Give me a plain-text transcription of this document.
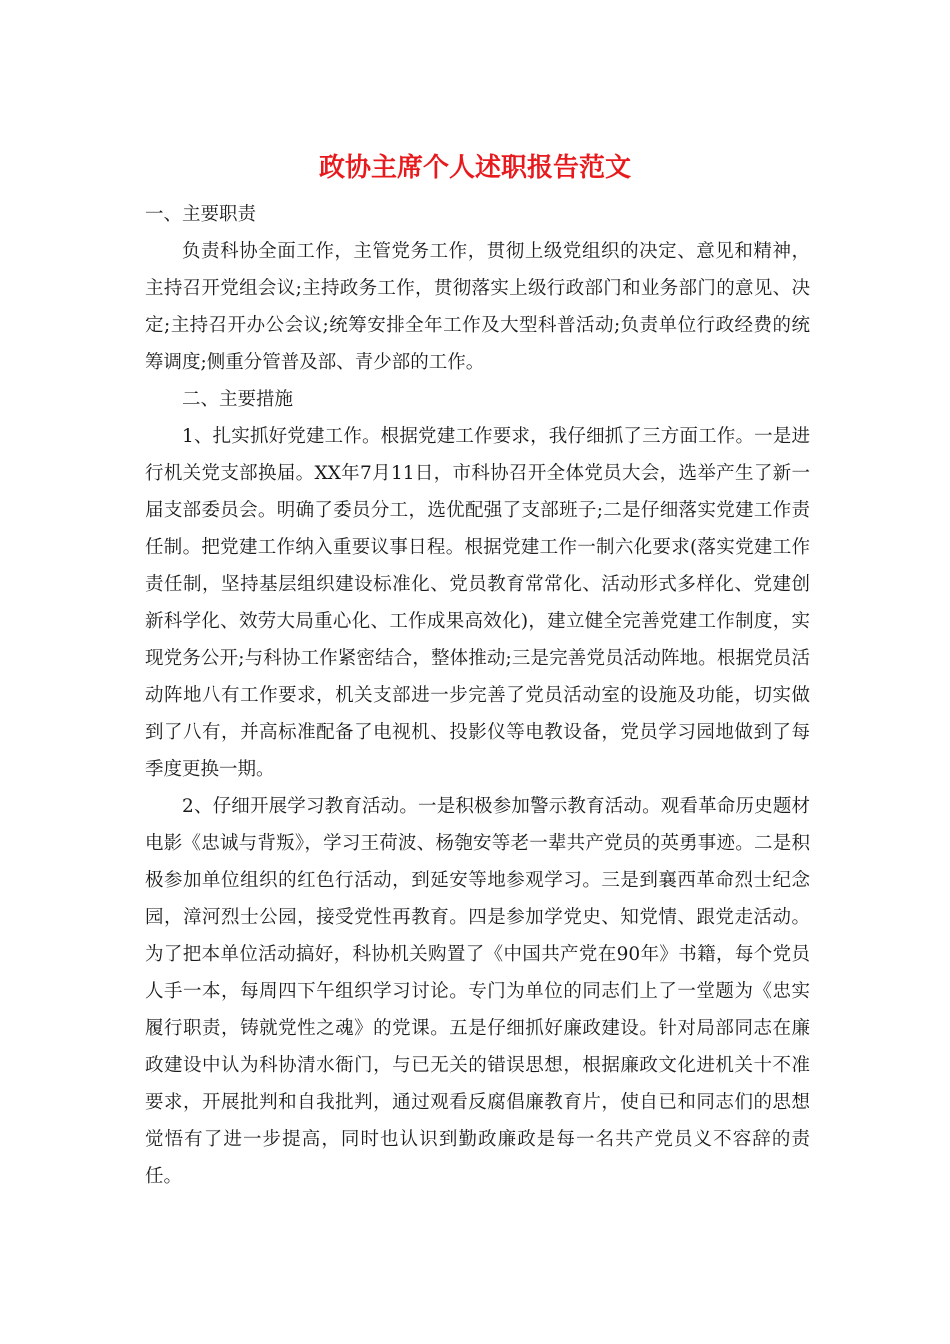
政协主席个人述职报告范文

一、主要职责

负责科协全面工作，主管党务工作，贯彻上级党组织的决定、意见和精神，主持召开党组会议;主持政务工作，贯彻落实上级行政部门和业务部门的意见、决定;主持召开办公会议;统筹安排全年工作及大型科普活动;负责单位行政经费的统筹调度;侧重分管普及部、青少部的工作。

二、主要措施

1、扎实抓好党建工作。根据党建工作要求，我仔细抓了三方面工作。一是进行机关党支部换届。XX年7月11日，市科协召开全体党员大会，选举产生了新一届支部委员会。明确了委员分工，选优配强了支部班子;二是仔细落实党建工作责任制。把党建工作纳入重要议事日程。根据党建工作一制六化要求(落实党建工作责任制，坚持基层组织建设标准化、党员教育常常化、活动形式多样化、党建创新科学化、效劳大局重心化、工作成果高效化)，建立健全完善党建工作制度，实现党务公开;与科协工作紧密结合，整体推动;三是完善党员活动阵地。根据党员活动阵地八有工作要求，机关支部进一步完善了党员活动室的设施及功能，切实做到了八有，并高标准配备了电视机、投影仪等电教设备，党员学习园地做到了每季度更换一期。

2、仔细开展学习教育活动。一是积极参加警示教育活动。观看革命历史题材电影《忠诚与背叛》，学习王荷波、杨匏安等老一辈共产党员的英勇事迹。二是积极参加单位组织的红色行活动，到延安等地参观学习。三是到襄西革命烈士纪念园，漳河烈士公园，接受党性再教育。四是参加学党史、知党情、跟党走活动。为了把本单位活动搞好，科协机关购置了《中国共产党在90年》书籍，每个党员人手一本，每周四下午组织学习讨论。专门为单位的同志们上了一堂题为《忠实履行职责，铸就党性之魂》的党课。五是仔细抓好廉政建设。针对局部同志在廉政建设中认为科协清水衙门，与已无关的错误思想，根据廉政文化进机关十不准要求，开展批判和自我批判，通过观看反腐倡廉教育片，使自已和同志们的思想觉悟有了进一步提高，同时也认识到勤政廉政是每一名共产党员义不容辞的责任。
